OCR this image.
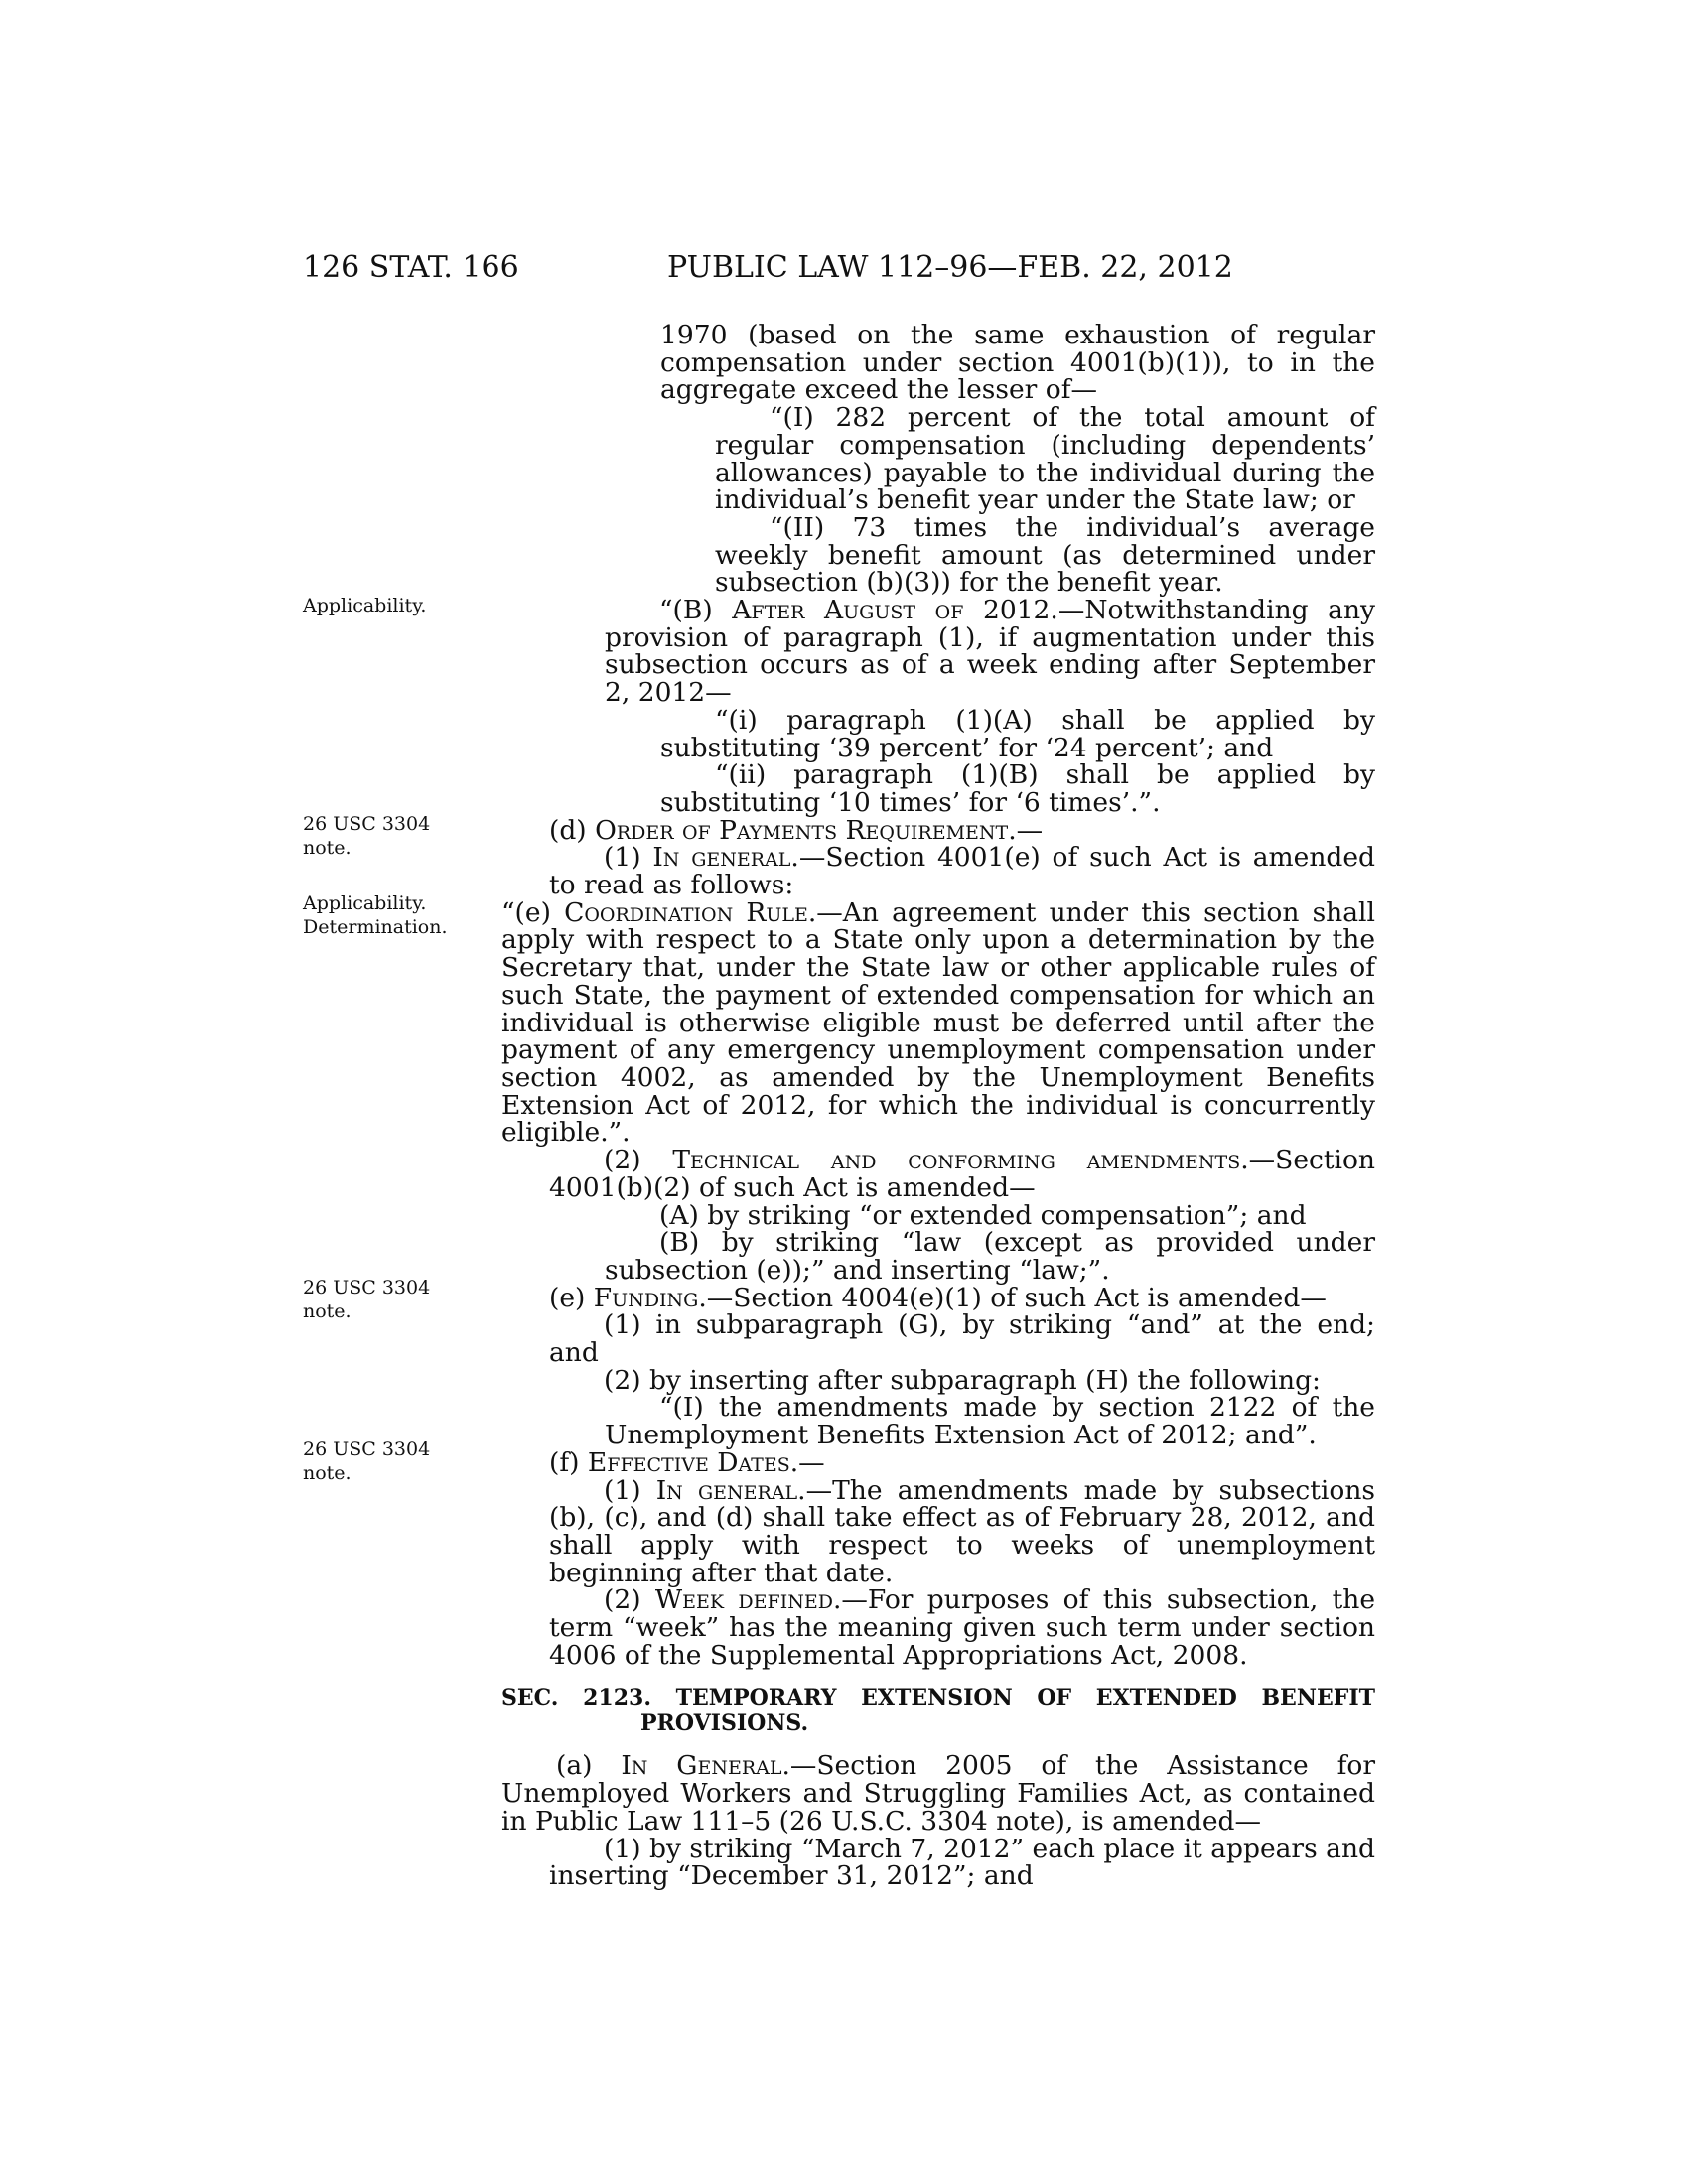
126 STAT. 166	PUBLIC LAW 112–96—FEB. 22, 2012
Applicability.
26 USC 3304 note.
Applicability. Determination.
26 USC 3304 note.
26 USC 3304 note.

1970 (based on the same exhaustion of regular compensation under section 4001(b)(1)), to in the aggregate exceed the lesser of—

“(I) 282 percent of the total amount of regular compensation (including dependents’ allowances) payable to the individual during the individual’s benefit year under the State law; or

“(II) 73 times the individual’s average weekly benefit amount (as determined under subsection (b)(3)) for the benefit year.

“(B) After August of 2012.—Notwithstanding any provision of paragraph (1), if augmentation under this subsection occurs as of a week ending after September 2, 2012—

“(i) paragraph (1)(A) shall be applied by substituting ‘39 percent’ for ‘24 percent’; and

“(ii) paragraph (1)(B) shall be applied by substituting ‘10 times’ for ‘6 times’.”.

(d) Order of Payments Requirement.—

(1) In general.—Section 4001(e) of such Act is amended to read as follows:

“(e) Coordination Rule.—An agreement under this section shall apply with respect to a State only upon a determination by the Secretary that, under the State law or other applicable rules of such State, the payment of extended compensation for which an individual is otherwise eligible must be deferred until after the payment of any emergency unemployment compensation under section 4002, as amended by the Unemployment Benefits Extension Act of 2012, for which the individual is concurrently eligible.”.

(2) Technical and conforming amendments.—Section 4001(b)(2) of such Act is amended—

(A) by striking “or extended compensation”; and

(B) by striking “law (except as provided under subsection (e));” and inserting “law;”.

(e) Funding.—Section 4004(e)(1) of such Act is amended—

(1) in subparagraph (G), by striking “and” at the end; and

(2) by inserting after subparagraph (H) the following:

“(I) the amendments made by section 2122 of the Unemployment Benefits Extension Act of 2012; and”.

(f) Effective Dates.—

(1) In general.—The amendments made by subsections (b), (c), and (d) shall take effect as of February 28, 2012, and shall apply with respect to weeks of unemployment beginning after that date.

(2) Week defined.—For purposes of this subsection, the term “week” has the meaning given such term under section 4006 of the Supplemental Appropriations Act, 2008.

SEC. 2123. TEMPORARY EXTENSION OF EXTENDED BENEFIT PROVISIONS.

(a) In General.—Section 2005 of the Assistance for Unemployed Workers and Struggling Families Act, as contained in Public Law 111–5 (26 U.S.C. 3304 note), is amended—

(1) by striking “March 7, 2012” each place it appears and inserting “December 31, 2012”; and
